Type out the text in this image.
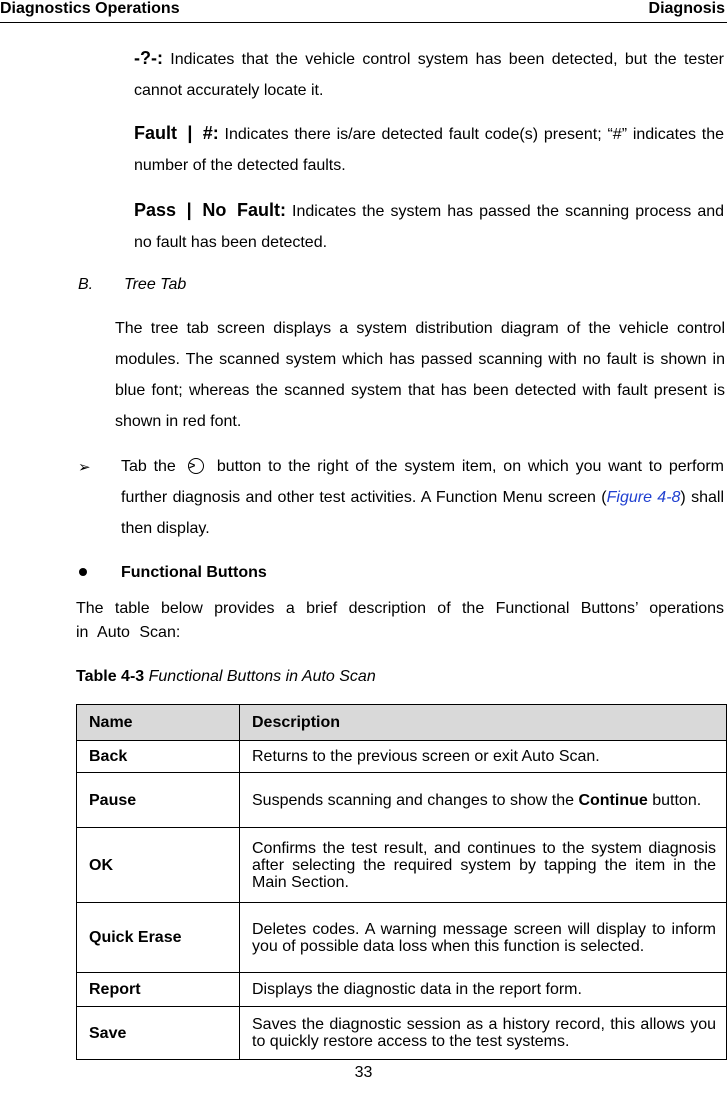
Diagnostics Operations	Diagnosis
-?-: Indicates that the vehicle control system has been detected, but the tester cannot accurately locate it.
Fault | #: Indicates there is/are detected fault code(s) present; “#” indicates the number of the detected faults.
Pass | No Fault: Indicates the system has passed the scanning process and no fault has been detected.
B. Tree Tab
The tree tab screen displays a system distribution diagram of the vehicle control modules. The scanned system which has passed scanning with no fault is shown in blue font; whereas the scanned system that has been detected with fault present is shown in red font.
➢ Tab the > button to the right of the system item, on which you want to perform further diagnosis and other test activities. A Function Menu screen (Figure 4-8) shall then display.
Functional Buttons
The table below provides a brief description of the Functional Buttons’ operations in Auto Scan:
Table 4-3 Functional Buttons in Auto Scan
Name	Description
Back	Returns to the previous screen or exit Auto Scan.
Pause	Suspends scanning and changes to show the Continue button.
OK	Confirms the test result, and continues to the system diagnosis after selecting the required system by tapping the item in the Main Section.
Quick Erase	Deletes codes. A warning message screen will display to inform you of possible data loss when this function is selected.
Report	Displays the diagnostic data in the report form.
Save	Saves the diagnostic session as a history record, this allows you to quickly restore access to the test systems.
33
